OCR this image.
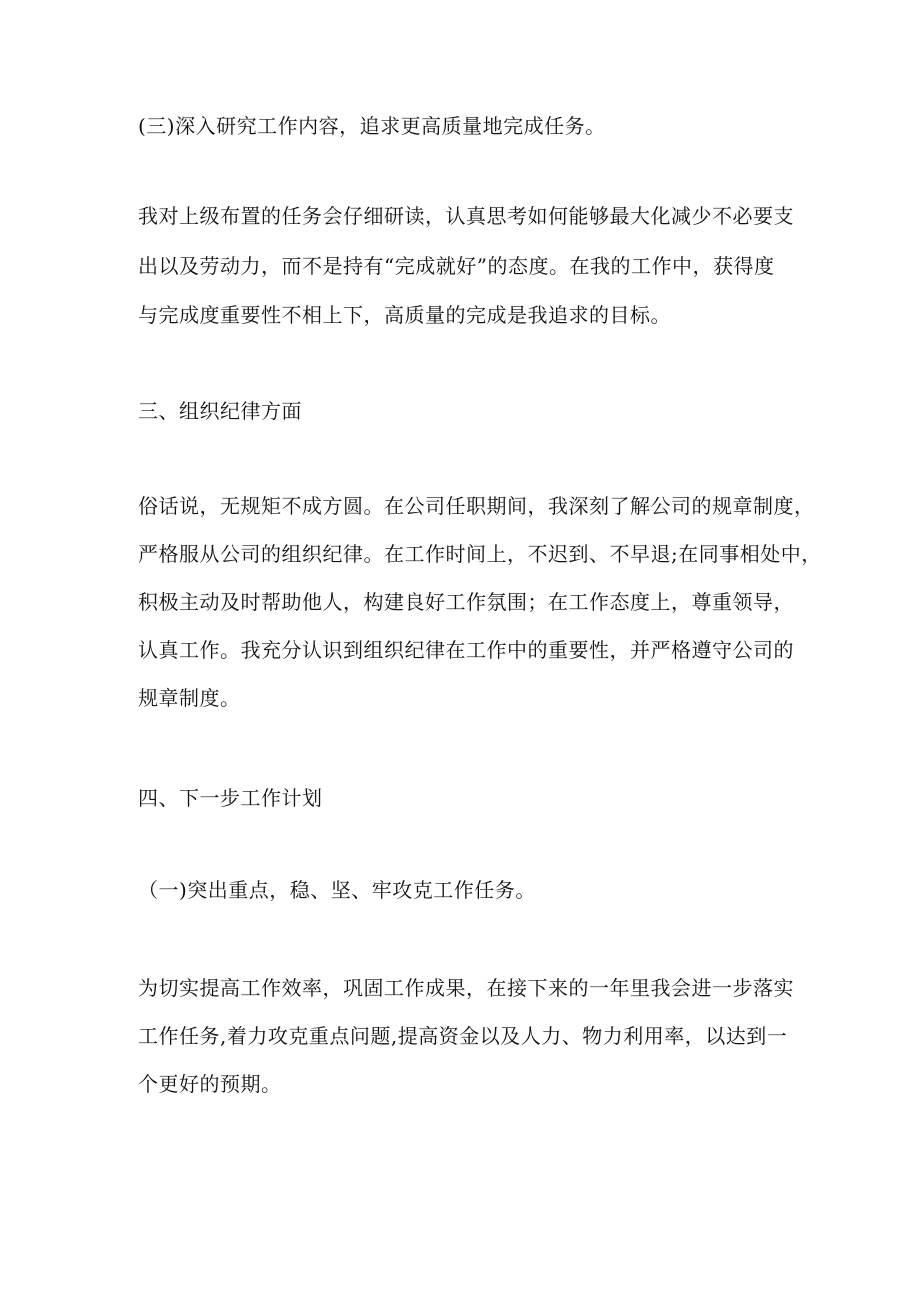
(三)深入研究工作内容，追求更高质量地完成任务。
我对上级布置的任务会仔细研读，认真思考如何能够最大化减少不必要支
出以及劳动力，而不是持有“完成就好”的态度。在我的工作中，获得度
与完成度重要性不相上下，高质量的完成是我追求的目标。
三、组织纪律方面
俗话说，无规矩不成方圆。在公司任职期间，我深刻了解公司的规章制度，
严格服从公司的组织纪律。在工作时间上，不迟到、不早退;在同事相处中，
积极主动及时帮助他人，构建良好工作氛围；在工作态度上，尊重领导，
认真工作。我充分认识到组织纪律在工作中的重要性，并严格遵守公司的
规章制度。
四、下一步工作计划
（一)突出重点，稳、坚、牢攻克工作任务。
为切实提高工作效率，巩固工作成果，在接下来的一年里我会进一步落实
工作任务,着力攻克重点问题,提高资金以及人力、物力利用率，以达到一
个更好的预期。
